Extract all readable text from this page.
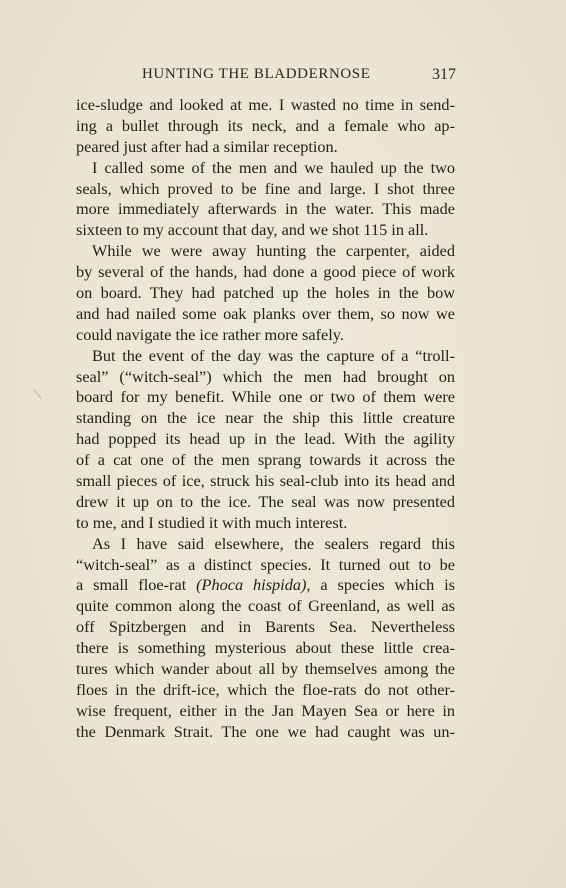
HUNTING THE BLADDERNOSE	317
ice-sludge and looked at me. I wasted no time in send-
ing a bullet through its neck, and a female who ap-
peared just after had a similar reception.
I called some of the men and we hauled up the two
seals, which proved to be fine and large. I shot three
more immediately afterwards in the water. This made
sixteen to my account that day, and we shot 115 in all.
While we were away hunting the carpenter, aided
by several of the hands, had done a good piece of work
on board. They had patched up the holes in the bow
and had nailed some oak planks over them, so now we
could navigate the ice rather more safely.
But the event of the day was the capture of a “troll-
seal” (“witch-seal”) which the men had brought on
board for my benefit. While one or two of them were
standing on the ice near the ship this little creature
had popped its head up in the lead. With the agility
of a cat one of the men sprang towards it across the
small pieces of ice, struck his seal-club into its head and
drew it up on to the ice. The seal was now presented
to me, and I studied it with much interest.
As I have said elsewhere, the sealers regard this
“witch-seal” as a distinct species. It turned out to be
a small floe-rat (Phoca hispida), a species which is
quite common along the coast of Greenland, as well as
off Spitzbergen and in Barents Sea. Nevertheless
there is something mysterious about these little crea-
tures which wander about all by themselves among the
floes in the drift-ice, which the floe-rats do not other-
wise frequent, either in the Jan Mayen Sea or here in
the Denmark Strait. The one we had caught was un-
